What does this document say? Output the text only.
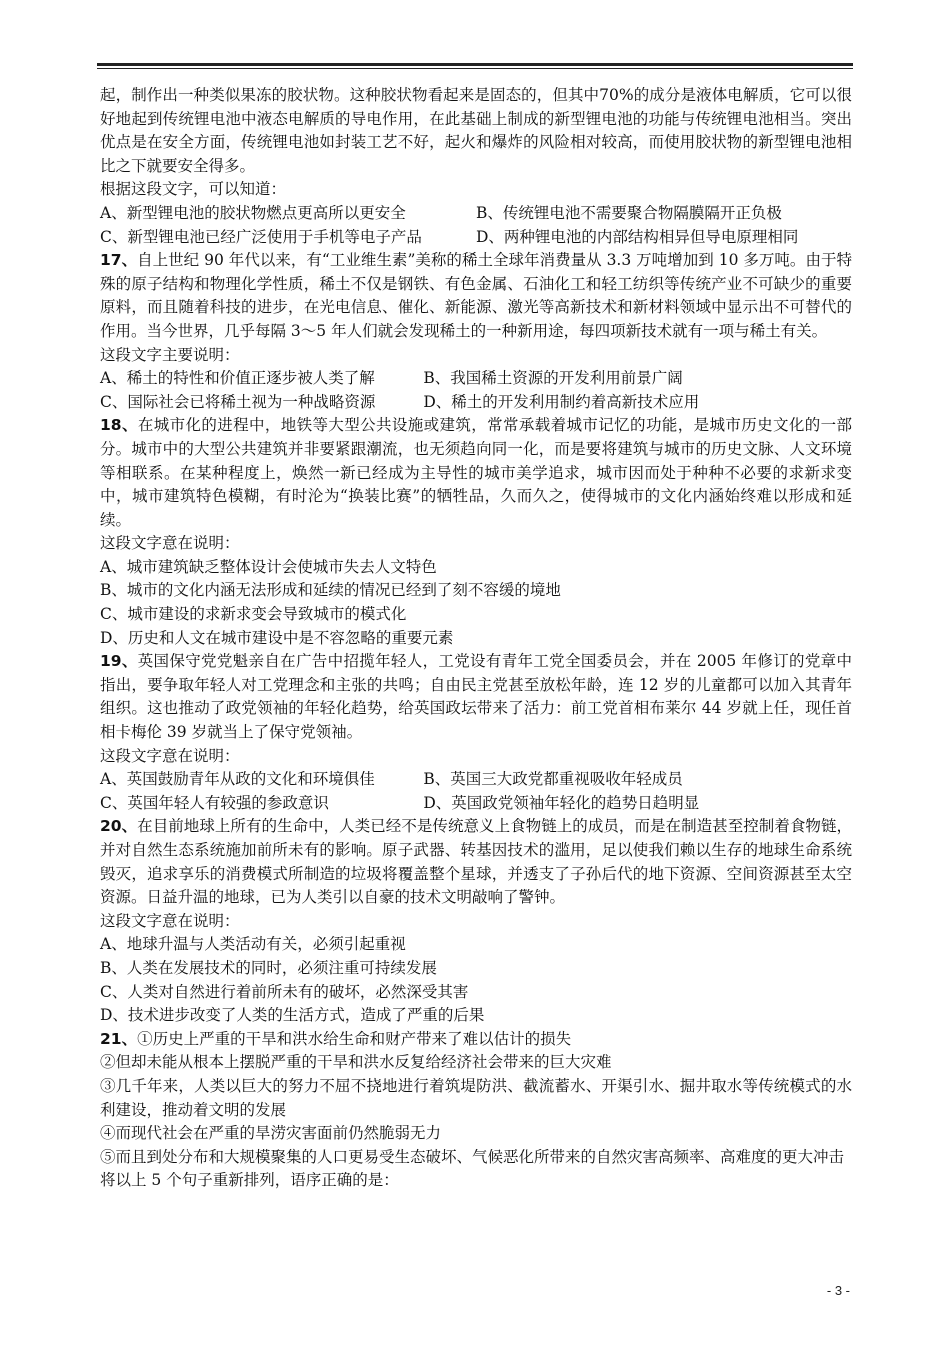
起，制作出一种类似果冻的胶状物。这种胶状物看起来是固态的，但其中70%的成分是液体电解质，它可以很好地起到传统锂电池中液态电解质的导电作用，在此基础上制成的新型锂电池的功能与传统锂电池相当。突出优点是在安全方面，传统锂电池如封装工艺不好，起火和爆炸的风险相对较高，而使用胶状物的新型锂电池相比之下就要安全得多。

根据这段文字，可以知道：

A、新型锂电池的胶状物燃点更高所以更安全	B、传统锂电池不需要聚合物隔膜隔开正负极
C、新型锂电池已经广泛使用于手机等电子产品	D、两种锂电池的内部结构相异但导电原理相同

17、自上世纪 90 年代以来，有“工业维生素”美称的稀土全球年消费量从 3.3 万吨增加到 10 多万吨。由于特殊的原子结构和物理化学性质，稀土不仅是钢铁、有色金属、石油化工和轻工纺织等传统产业不可缺少的重要原料，而且随着科技的进步，在光电信息、催化、新能源、激光等高新技术和新材料领域中显示出不可替代的作用。当今世界，几乎每隔 3～5 年人们就会发现稀土的一种新用途，每四项新技术就有一项与稀土有关。

这段文字主要说明：

A、稀土的特性和价值正逐步被人类了解	B、我国稀土资源的开发利用前景广阔
C、国际社会已将稀土视为一种战略资源	D、稀土的开发利用制约着高新技术应用

18、在城市化的进程中，地铁等大型公共设施或建筑，常常承载着城市记忆的功能，是城市历史文化的一部分。城市中的大型公共建筑并非要紧跟潮流，也无须趋向同一化，而是要将建筑与城市的历史文脉、人文环境等相联系。在某种程度上，焕然一新已经成为主导性的城市美学追求，城市因而处于种种不必要的求新求变中，城市建筑特色模糊，有时沦为“换装比赛”的牺牲品，久而久之，使得城市的文化内涵始终难以形成和延续。

这段文字意在说明：

A、城市建筑缺乏整体设计会使城市失去人文特色

B、城市的文化内涵无法形成和延续的情况已经到了刻不容缓的境地

C、城市建设的求新求变会导致城市的模式化

D、历史和人文在城市建设中是不容忽略的重要元素

19、英国保守党党魁亲自在广告中招揽年轻人，工党设有青年工党全国委员会，并在 2005 年修订的党章中指出，要争取年轻人对工党理念和主张的共鸣；自由民主党甚至放松年龄，连 12 岁的儿童都可以加入其青年组织。这也推动了政党领袖的年轻化趋势，给英国政坛带来了活力：前工党首相布莱尔 44 岁就上任，现任首相卡梅伦 39 岁就当上了保守党领袖。

这段文字意在说明：

A、英国鼓励青年从政的文化和环境俱佳	B、英国三大政党都重视吸收年轻成员
C、英国年轻人有较强的参政意识	D、英国政党领袖年轻化的趋势日趋明显

20、在目前地球上所有的生命中，人类已经不是传统意义上食物链上的成员，而是在制造甚至控制着食物链，并对自然生态系统施加前所未有的影响。原子武器、转基因技术的滥用，足以使我们赖以生存的地球生命系统毁灭，追求享乐的消费模式所制造的垃圾将覆盖整个星球，并透支了子孙后代的地下资源、空间资源甚至太空资源。日益升温的地球，已为人类引以自豪的技术文明敲响了警钟。

这段文字意在说明：

A、地球升温与人类活动有关，必须引起重视

B、人类在发展技术的同时，必须注重可持续发展

C、人类对自然进行着前所未有的破坏，必然深受其害

D、技术进步改变了人类的生活方式，造成了严重的后果

21、①历史上严重的干旱和洪水给生命和财产带来了难以估计的损失

②但却未能从根本上摆脱严重的干旱和洪水反复给经济社会带来的巨大灾难

③几千年来，人类以巨大的努力不屈不挠地进行着筑堤防洪、截流蓄水、开渠引水、掘井取水等传统模式的水利建设，推动着文明的发展

④而现代社会在严重的旱涝灾害面前仍然脆弱无力

⑤而且到处分布和大规模聚集的人口更易受生态破坏、气候恶化所带来的自然灾害高频率、高难度的更大冲击

将以上 5 个句子重新排列，语序正确的是：

- 3 -
